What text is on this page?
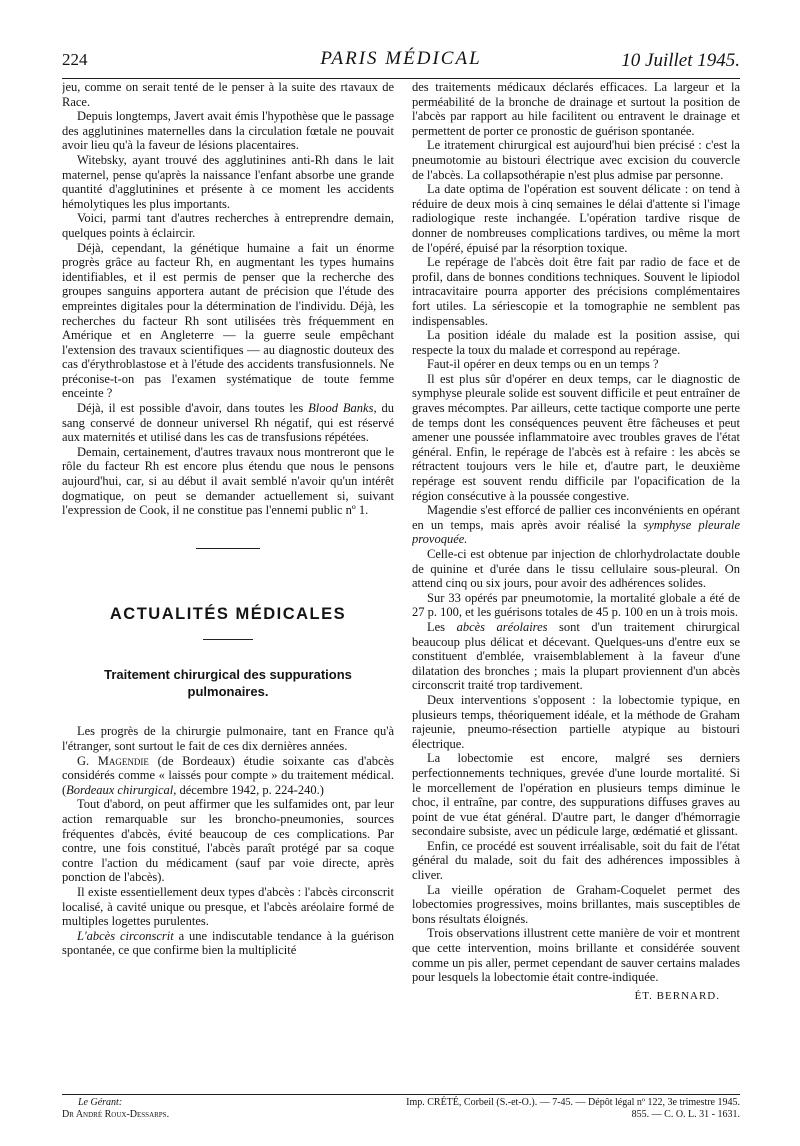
224	PARIS MÉDICAL	10 Juillet 1945.

jeu, comme on serait tenté de le penser à la suite des rtavaux de Race.

Depuis longtemps, Javert avait émis l'hypothèse que le passage des agglutinines maternelles dans la circulation fœtale ne pouvait avoir lieu qu'à la faveur de lésions placentaires.

Witebsky, ayant trouvé des agglutinines anti-Rh dans le lait maternel, pense qu'après la naissance l'enfant absorbe une grande quantité d'agglutinines et présente à ce moment les accidents hémolytiques les plus importants.

Voici, parmi tant d'autres recherches à entreprendre demain, quelques points à éclaircir.

Déjà, cependant, la génétique humaine a fait un énorme progrès grâce au facteur Rh, en augmentant les types humains identifiables, et il est permis de penser que la recherche des groupes sanguins apportera autant de précision que l'étude des empreintes digitales pour la détermination de l'individu. Déjà, les recherches du facteur Rh sont utilisées très fréquemment en Amérique et en Angleterre — la guerre seule empêchant l'extension des travaux scientifiques — au diagnostic douteux des cas d'érythroblastose et à l'étude des accidents transfusionnels. Ne préconise-t-on pas l'examen systématique de toute femme enceinte ?

Déjà, il est possible d'avoir, dans toutes les Blood Banks, du sang conservé de donneur universel Rh négatif, qui est réservé aux maternités et utilisé dans les cas de transfusions répétées.

Demain, certainement, d'autres travaux nous montreront que le rôle du facteur Rh est encore plus étendu que nous le pensons aujourd'hui, car, si au début il avait semblé n'avoir qu'un intérêt dogmatique, on peut se demander actuellement si, suivant l'expression de Cook, il ne constitue pas l'ennemi public nº 1.

ACTUALITÉS MÉDICALES
Traitement chirurgical des suppurations pulmonaires.

Les progrès de la chirurgie pulmonaire, tant en France qu'à l'étranger, sont surtout le fait de ces dix dernières années.

G. Magendie (de Bordeaux) étudie soixante cas d'abcès considérés comme « laissés pour compte » du traitement médical. (Bordeaux chirurgical, décembre 1942, p. 224-240.)

Tout d'abord, on peut affirmer que les sulfamides ont, par leur action remarquable sur les broncho-pneumonies, sources fréquentes d'abcès, évité beaucoup de ces complications. Par contre, une fois constitué, l'abcès paraît protégé par sa coque contre l'action du médicament (sauf par voie directe, après ponction de l'abcès).

Il existe essentiellement deux types d'abcès : l'abcès circonscrit localisé, à cavité unique ou presque, et l'abcès aréolaire formé de multiples logettes purulentes.

L'abcès circonscrit a une indiscutable tendance à la guérison spontanée, ce que confirme bien la multiplicité

des traitements médicaux déclarés efficaces. La largeur et la perméabilité de la bronche de drainage et surtout la position de l'abcès par rapport au hile facilitent ou entravent le drainage et permettent de porter ce pronostic de guérison spontanée.

Le itratement chirurgical est aujourd'hui bien précisé : c'est la pneumotomie au bistouri électrique avec excision du couvercle de l'abcès. La collapsothérapie n'est plus admise par personne.

La date optima de l'opération est souvent délicate : on tend à réduire de deux mois à cinq semaines le délai d'attente si l'image radiologique reste inchangée. L'opération tardive risque de donner de nombreuses complications tardives, ou même la mort de l'opéré, épuisé par la résorption toxique.

Le repérage de l'abcès doit être fait par radio de face et de profil, dans de bonnes conditions techniques. Souvent le lipiodol intracavitaire pourra apporter des précisions complémentaires fort utiles. La sériescopie et la tomographie ne semblent pas indispensables.

La position idéale du malade est la position assise, qui respecte la toux du malade et correspond au repérage.

Faut-il opérer en deux temps ou en un temps ?

Il est plus sûr d'opérer en deux temps, car le diagnostic de symphyse pleurale solide est souvent difficile et peut entraîner de graves mécomptes. Par ailleurs, cette tactique comporte une perte de temps dont les conséquences peuvent être fâcheuses et peut amener une poussée inflammatoire avec troubles graves de l'état général. Enfin, le repérage de l'abcès est à refaire : les abcès se rétractent toujours vers le hile et, d'autre part, le deuxième repérage est souvent rendu difficile par l'opacification de la région consécutive à la poussée congestive.

Magendie s'est efforcé de pallier ces inconvénients en opérant en un temps, mais après avoir réalisé la symphyse pleurale provoquée.

Celle-ci est obtenue par injection de chlorhydrolactate double de quinine et d'urée dans le tissu cellulaire sous-pleural. On attend cinq ou six jours, pour avoir des adhérences solides.

Sur 33 opérés par pneumotomie, la mortalité globale a été de 27 p. 100, et les guérisons totales de 45 p. 100 en un à trois mois.

Les abcès aréolaires sont d'un traitement chirurgical beaucoup plus délicat et décevant. Quelques-uns d'entre eux se constituent d'emblée, vraisemblablement à la faveur d'une dilatation des bronches ; mais la plupart proviennent d'un abcès circonscrit traité trop tardivement.

Deux interventions s'opposent : la lobectomie typique, en plusieurs temps, théoriquement idéale, et la méthode de Graham rajeunie, pneumo-résection partielle atypique au bistouri électrique.

La lobectomie est encore, malgré ses derniers perfectionnements techniques, grevée d'une lourde mortalité. Si le morcellement de l'opération en plusieurs temps diminue le choc, il entraîne, par contre, des suppurations diffuses graves au point de vue état général. D'autre part, le danger d'hémorragie secondaire subsiste, avec un pédicule large, œdématié et glissant.

Enfin, ce procédé est souvent irréalisable, soit du fait de l'état général du malade, soit du fait des adhérences impossibles à cliver.

La vieille opération de Graham-Coquelet permet des lobectomies progressives, moins brillantes, mais susceptibles de bons résultats éloignés.

Trois observations illustrent cette manière de voir et montrent que cette intervention, moins brillante et considérée souvent comme un pis aller, permet cependant de sauver certains malades pour lesquels la lobectomie était contre-indiquée.

ÉT. BERNARD.
Le Gérant:
Dr André Roux-Dessarps.
Imp. CRÉTÉ, Corbeil (S.-et-O.). — 7-45. — Dépôt légal nº 122, 3e trimestre 1945.
855. — C. O. L. 31 - 1631.
